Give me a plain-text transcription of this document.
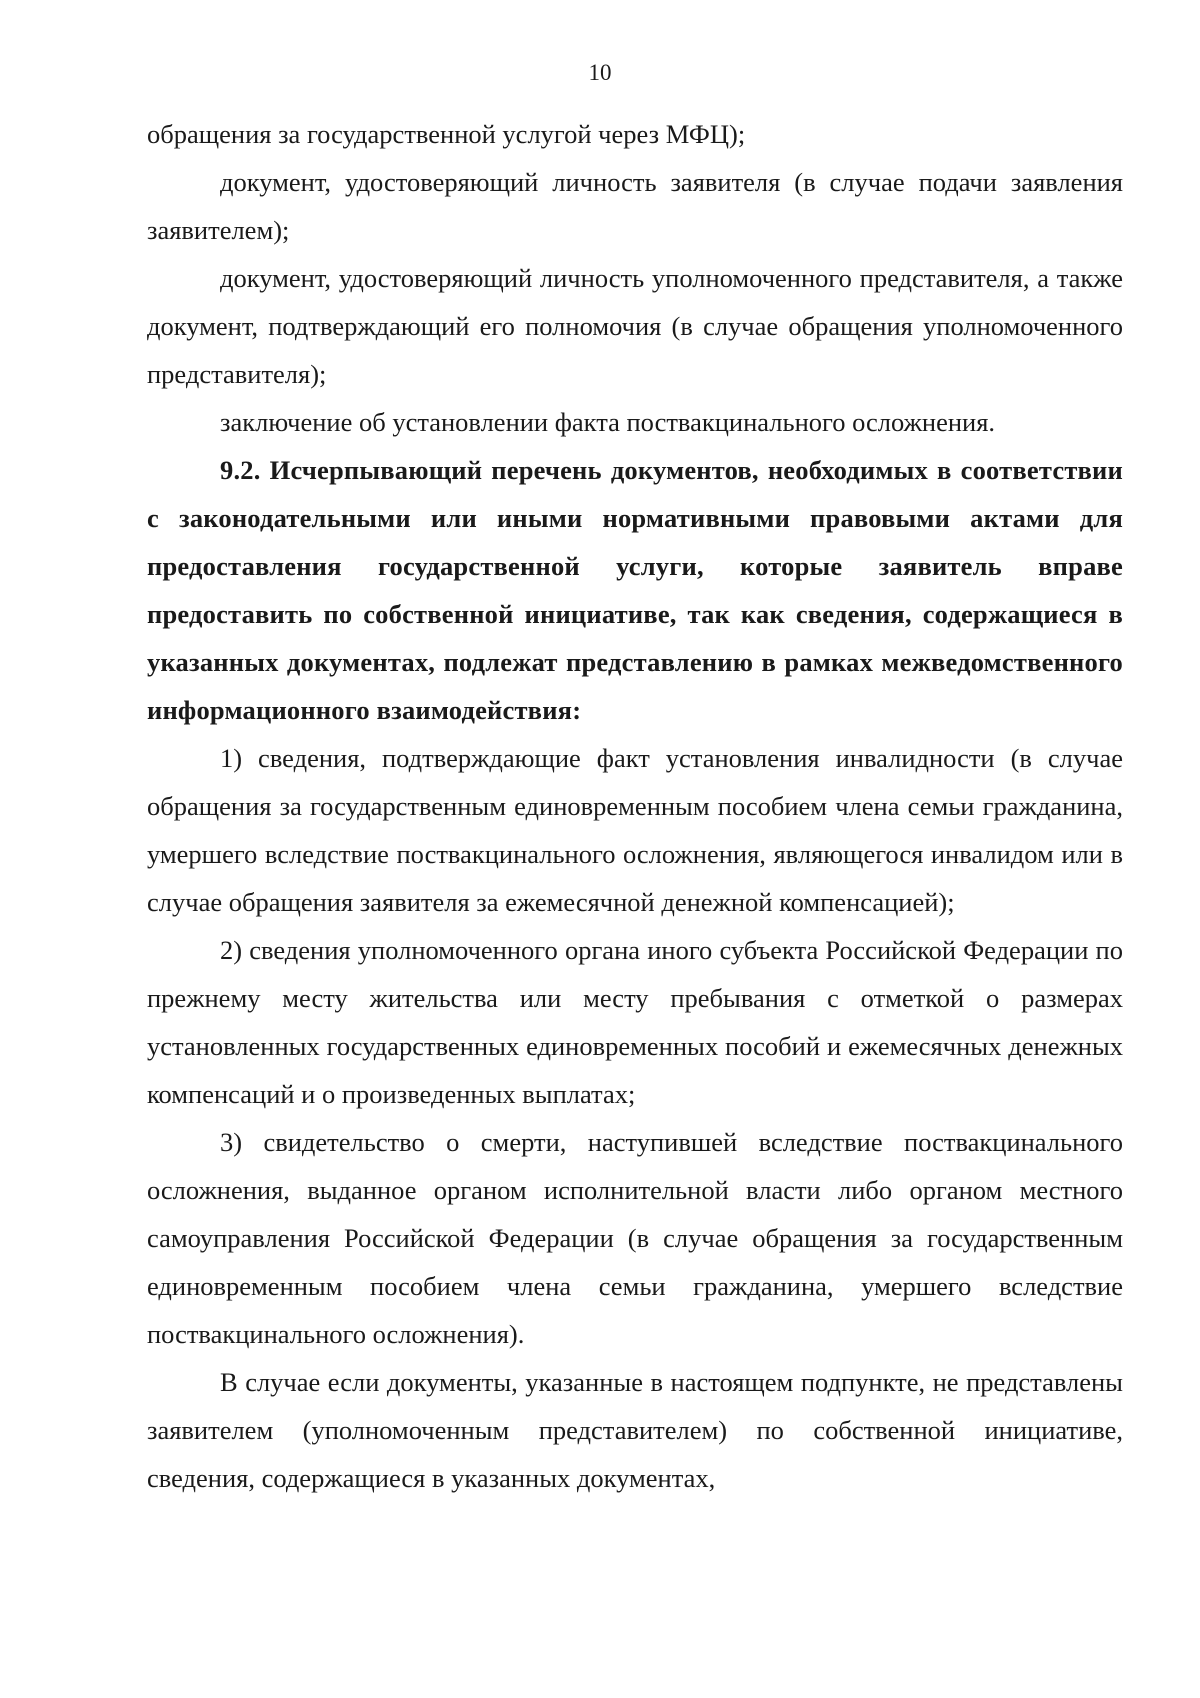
10

обращения за государственной услугой через МФЦ);

документ, удостоверяющий личность заявителя (в случае подачи заявления заявителем);

документ, удостоверяющий личность уполномоченного представителя, а также документ, подтверждающий его полномочия (в случае обращения уполномоченного представителя);

заключение об установлении факта поствакцинального осложнения.

9.2. Исчерпывающий перечень документов, необходимых в соответствии с законодательными или иными нормативными правовыми актами для предоставления государственной услуги, которые заявитель вправе предоставить по собственной инициативе, так как сведения, содержащиеся в указанных документах, подлежат представлению в рамках межведомственного информационного взаимодействия:

1) сведения, подтверждающие факт установления инвалидности (в случае обращения за государственным единовременным пособием члена семьи гражданина, умершего вследствие поствакцинального осложнения, являющегося инвалидом или в случае обращения заявителя за ежемесячной денежной компенсацией);

2) сведения уполномоченного органа иного субъекта Российской Федерации по прежнему месту жительства или месту пребывания с отметкой о размерах установленных государственных единовременных пособий и ежемесячных денежных компенсаций и о произведенных выплатах;

3) свидетельство о смерти, наступившей вследствие поствакцинального осложнения, выданное органом исполнительной власти либо органом местного самоуправления Российской Федерации (в случае обращения за государственным единовременным пособием члена семьи гражданина, умершего вследствие поствакцинального осложнения).

В случае если документы, указанные в настоящем подпункте, не представлены заявителем (уполномоченным представителем) по собственной инициативе, сведения, содержащиеся в указанных документах,
